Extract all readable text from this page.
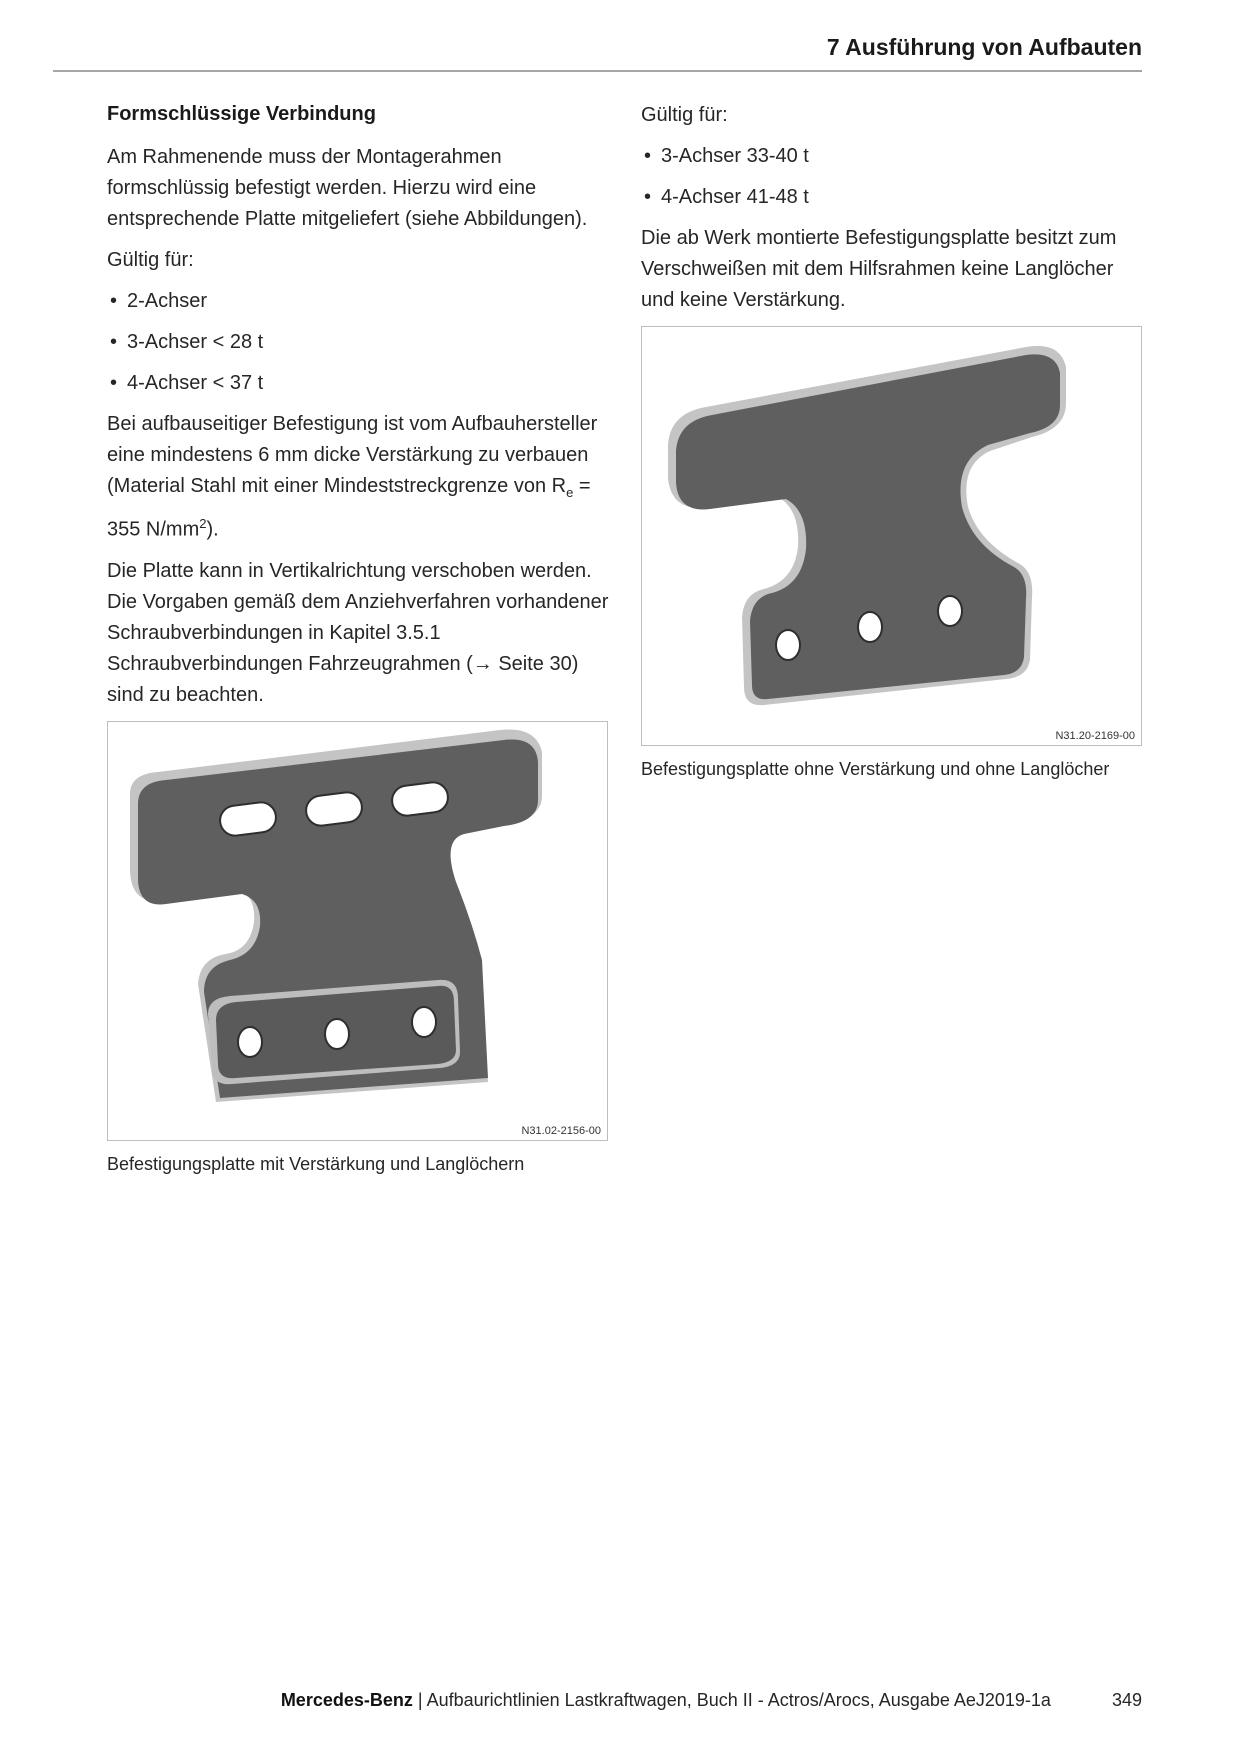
7 Ausführung von Aufbauten
Formschlüssige Verbindung

Am Rahmenende muss der Montagerahmen formschlüssig befestigt werden. Hierzu wird eine entsprechende Platte mitgeliefert (siehe Abbildungen).

Gültig für:

• 2-Achser
• 3-Achser < 28 t
• 4-Achser < 37 t

Bei aufbauseitiger Befestigung ist vom Aufbauhersteller eine mindestens 6 mm dicke Verstärkung zu verbauen (Material Stahl mit einer Mindeststreckgrenze von $R_e = 355$ $N/mm^2$).

Die Platte kann in Vertikalrichtung verschoben werden. Die Vorgaben gemäß dem Anziehverfahren vorhandener Schraubverbindungen in Kapitel 3.5.1 Schraubverbindungen Fahrzeugrahmen (→ Seite 30) sind zu beachten.

N31.02-2156-00
Befestigungsplatte mit Verstärkung und Langlöchern

Gültig für:

• 3-Achser 33-40 t
• 4-Achser 41-48 t

Die ab Werk montierte Befestigungsplatte besitzt zum Verschweißen mit dem Hilfsrahmen keine Langlöcher und keine Verstärkung.

N31.20-2169-00
Befestigungsplatte ohne Verstärkung und ohne Langlöcher
Mercedes-Benz | Aufbaurichtlinien Lastkraftwagen, Buch II - Actros/Arocs, Ausgabe AeJ2019-1a	349
